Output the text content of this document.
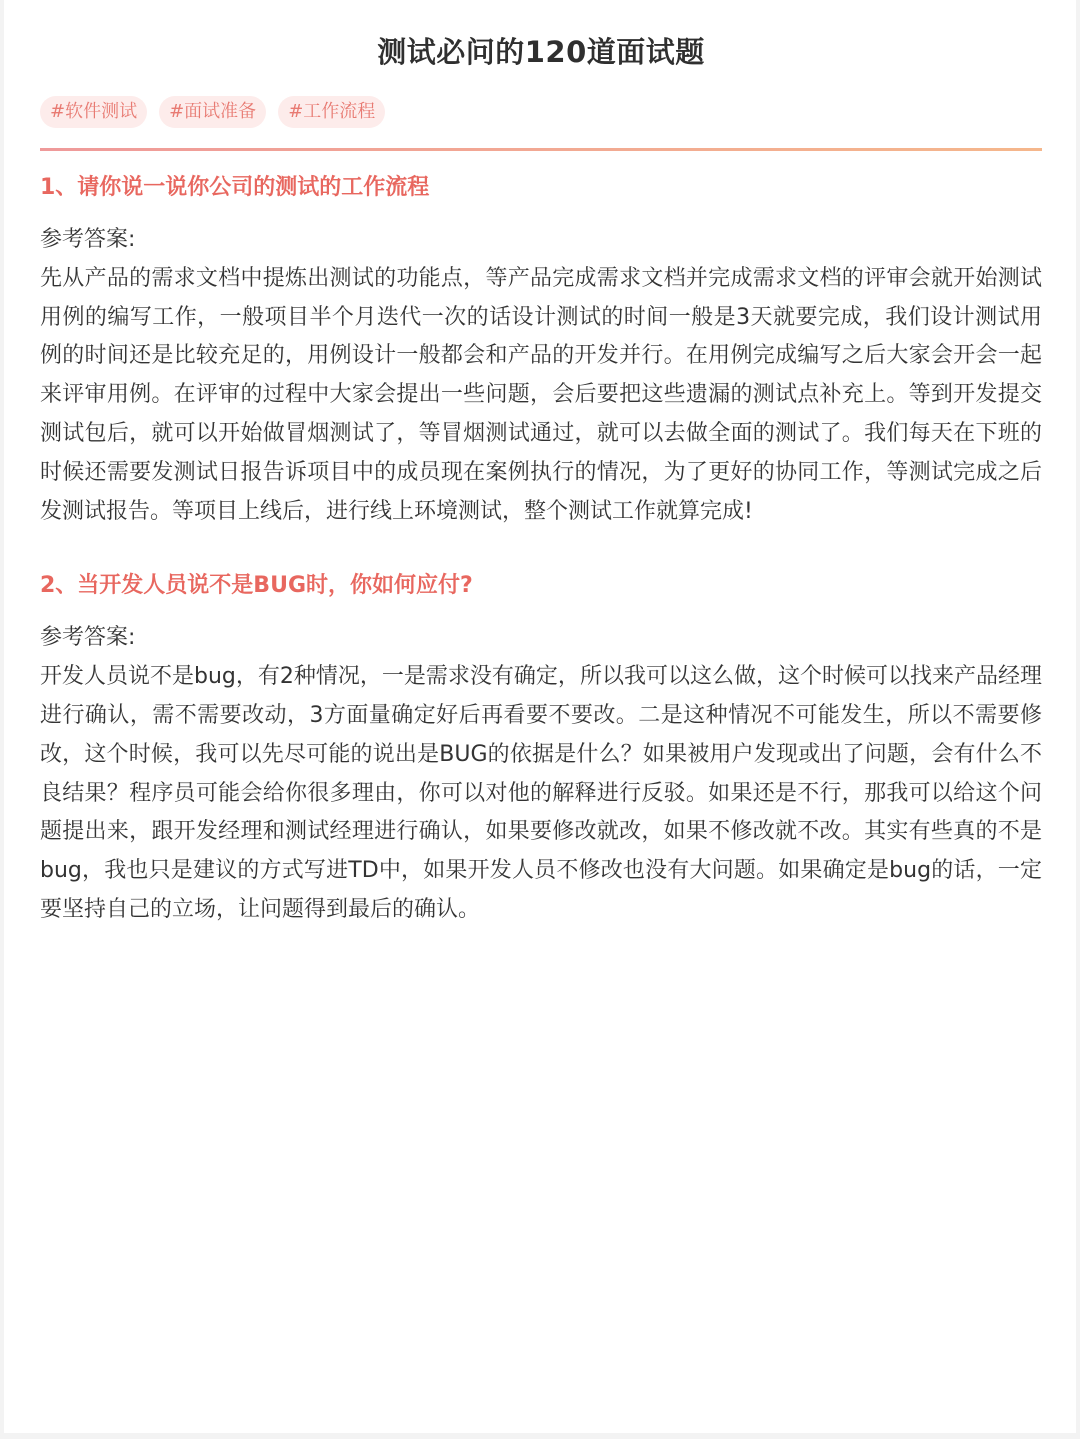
测试必问的120道面试题
#软件测试	#面试准备	#工作流程
1、请你说一说你公司的测试的工作流程
参考答案:

先从产品的需求文档中提炼出测试的功能点，等产品完成需求文档并完成需求文档的评审会就开始测试用例的编写工作，一般项目半个月迭代一次的话设计测试的时间一般是3天就要完成，我们设计测试用例的时间还是比较充足的，用例设计一般都会和产品的开发并行。在用例完成编写之后大家会开会一起来评审用例。在评审的过程中大家会提出一些问题，会后要把这些遗漏的测试点补充上。等到开发提交测试包后，就可以开始做冒烟测试了，等冒烟测试通过，就可以去做全面的测试了。我们每天在下班的时候还需要发测试日报告诉项目中的成员现在案例执行的情况，为了更好的协同工作，等测试完成之后发测试报告。等项目上线后，进行线上环境测试，整个测试工作就算完成!

2、当开发人员说不是BUG时，你如何应付?
参考答案:

开发人员说不是bug，有2种情况，一是需求没有确定，所以我可以这么做，这个时候可以找来产品经理进行确认，需不需要改动，3方面量确定好后再看要不要改。二是这种情况不可能发生，所以不需要修改，这个时候，我可以先尽可能的说出是BUG的依据是什么？如果被用户发现或出了问题，会有什么不良结果？程序员可能会给你很多理由，你可以对他的解释进行反驳。如果还是不行，那我可以给这个问题提出来，跟开发经理和测试经理进行确认，如果要修改就改，如果不修改就不改。其实有些真的不是bug，我也只是建议的方式写进TD中，如果开发人员不修改也没有大问题。如果确定是bug的话，一定要坚持自己的立场，让问题得到最后的确认。
